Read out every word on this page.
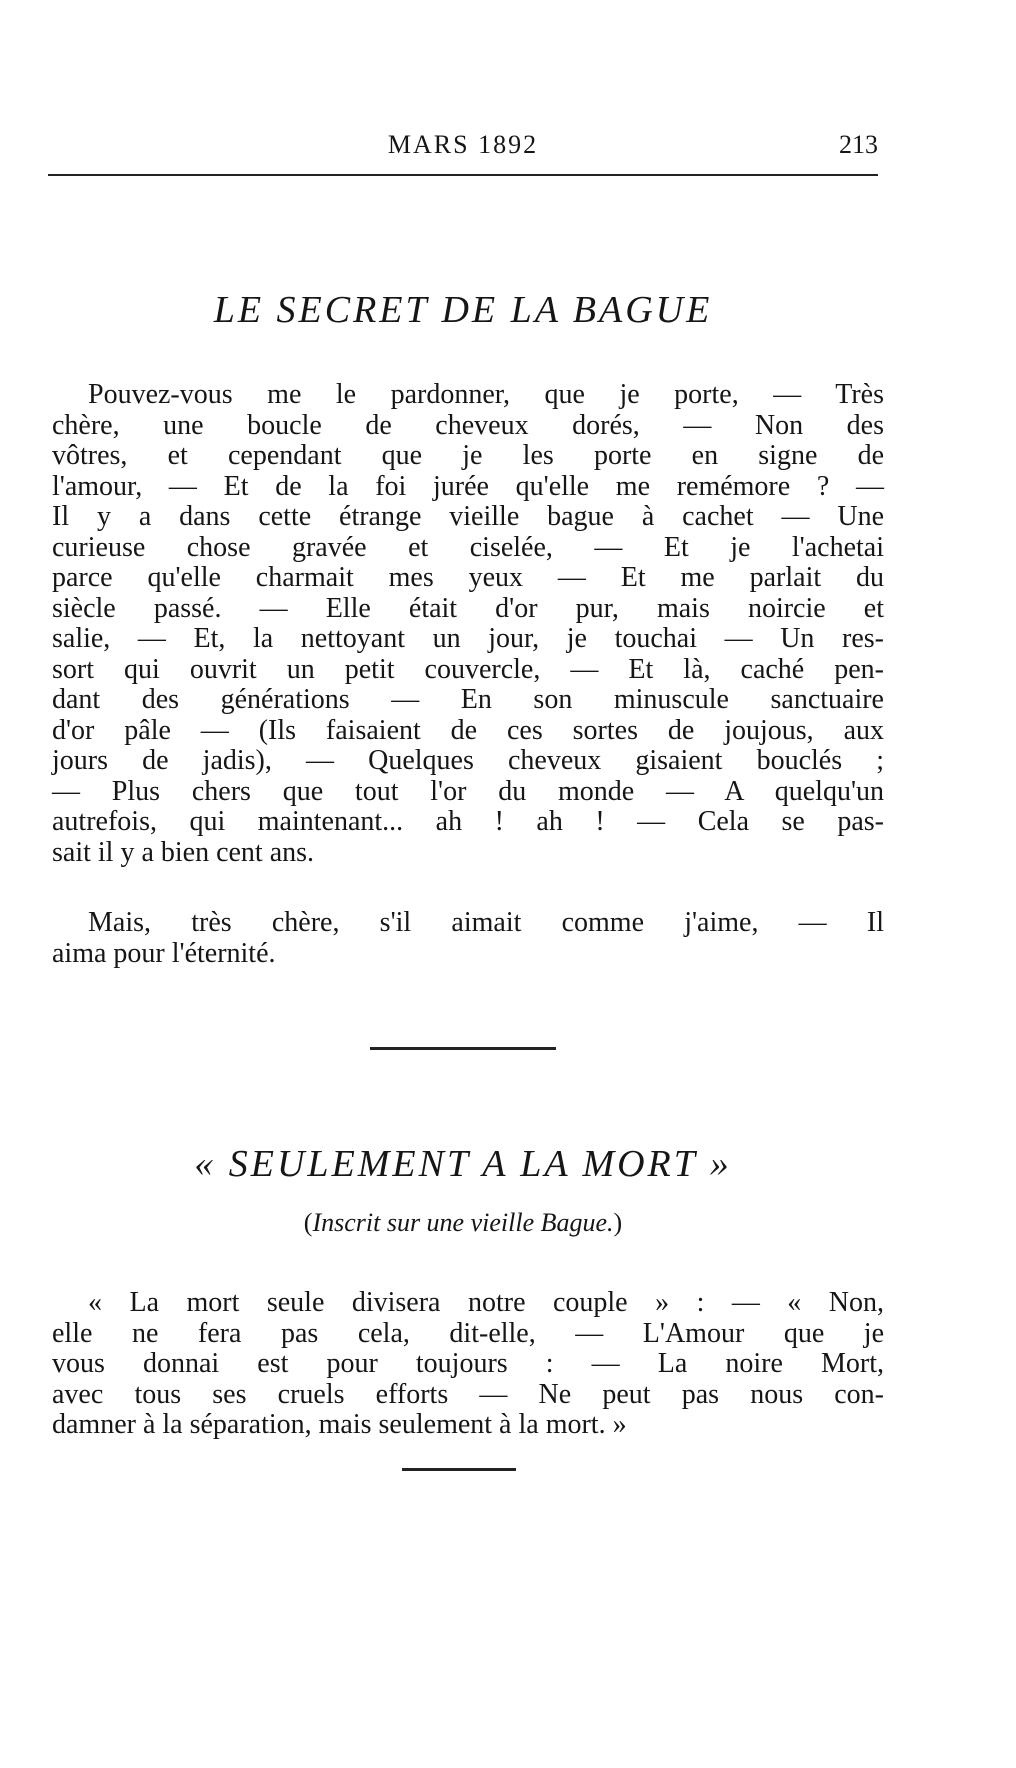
MARS 1892	213
LE SECRET DE LA BAGUE
Pouvez-vous me le pardonner, que je porte, — Très
chère, une boucle de cheveux dorés, — Non des
vôtres, et cependant que je les porte en signe de
l'amour, — Et de la foi jurée qu'elle me remémore ? —
Il y a dans cette étrange vieille bague à cachet — Une
curieuse chose gravée et ciselée, — Et je l'achetai
parce qu'elle charmait mes yeux — Et me parlait du
siècle passé. — Elle était d'or pur, mais noircie et
salie, — Et, la nettoyant un jour, je touchai — Un res-
sort qui ouvrit un petit couvercle, — Et là, caché pen-
dant des générations — En son minuscule sanctuaire
d'or pâle — (Ils faisaient de ces sortes de joujous, aux
jours de jadis), — Quelques cheveux gisaient bouclés ;
— Plus chers que tout l'or du monde — A quelqu'un
autrefois, qui maintenant... ah ! ah ! — Cela se pas-
sait il y a bien cent ans.
Mais, très chère, s'il aimait comme j'aime, — Il
aima pour l'éternité.
« SEULEMENT A LA MORT »
(Inscrit sur une vieille Bague.)
« La mort seule divisera notre couple » : — « Non,
elle ne fera pas cela, dit-elle, — L'Amour que je
vous donnai est pour toujours : — La noire Mort,
avec tous ses cruels efforts — Ne peut pas nous con-
damner à la séparation, mais seulement à la mort. »
